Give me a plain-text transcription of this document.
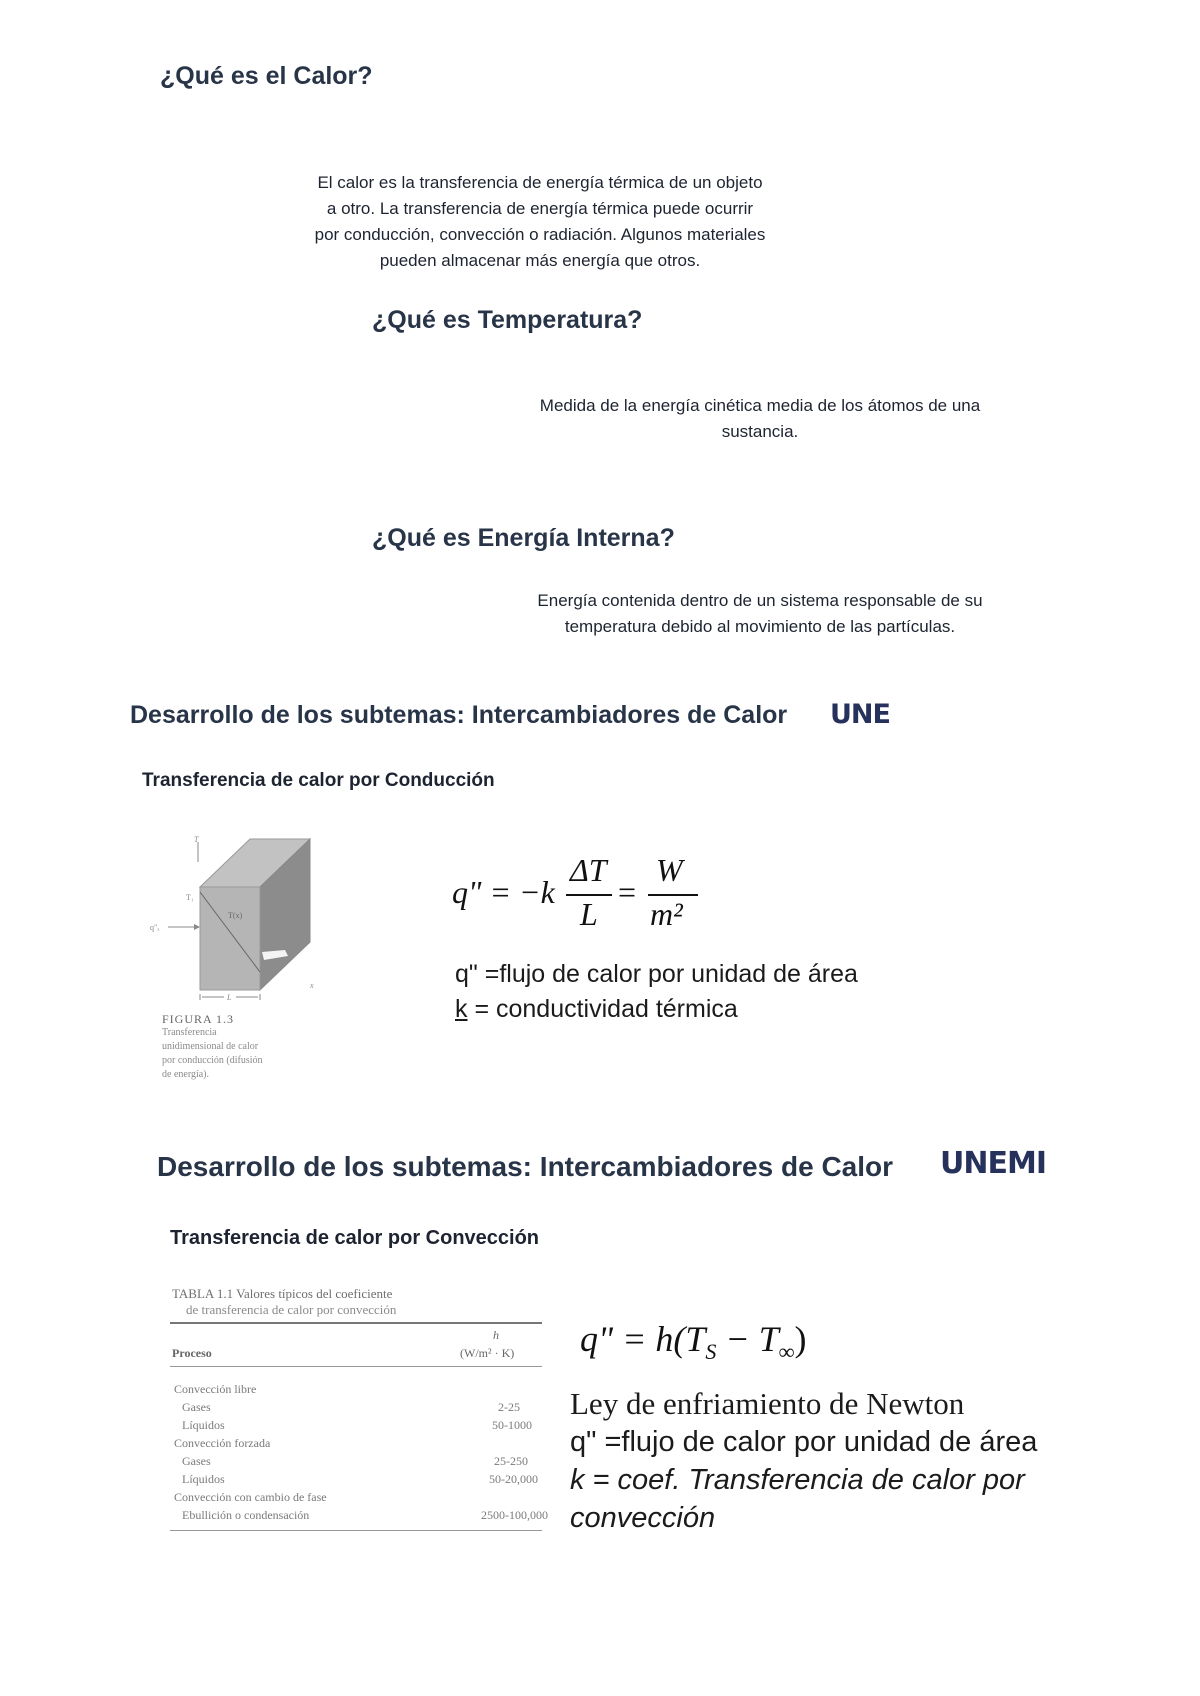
¿Qué es el Calor?
El calor es la transferencia de energía térmica de un objeto
a otro. La transferencia de energía térmica puede ocurrir
por conducción, convección o radiación. Algunos materiales
pueden almacenar más energía que otros.
¿Qué es Temperatura?
Medida de la energía cinética media de los átomos de una
sustancia.
¿Qué es Energía Interna?
Energía contenida dentro de un sistema responsable de su
temperatura debido al movimiento de las partículas.
Desarrollo de los subtemas: Intercambiadores de Calor UNE
Transferencia de calor por Conducción
T
T₁
T(x)
q"ₓ
L
x
FIGURA 1.3
Transferencia
unidimensional de calor
por conducción (difusión
de energía).
q" = −k
ΔT
L
=
W
m²
q" =flujo de calor por unidad de área
k = conductividad térmica
Desarrollo de los subtemas: Intercambiadores de Calor UNEMI
Transferencia de calor por Convección
TABLA 1.1 Valores típicos del coeficiente
de transferencia de calor por convección
h
Proceso	(W/m² · K)
Convección libre
Gases	2-25
Líquidos	50-1000
Convección forzada
Gases	25-250
Líquidos	50-20,000
Convección con cambio de fase
Ebullición o condensación	2500-100,000
q" = $h(T_S - T_\infty)$
Ley de enfriamiento de Newton
q" =flujo de calor por unidad de área
k = coef. Transferencia de calor por
convección
